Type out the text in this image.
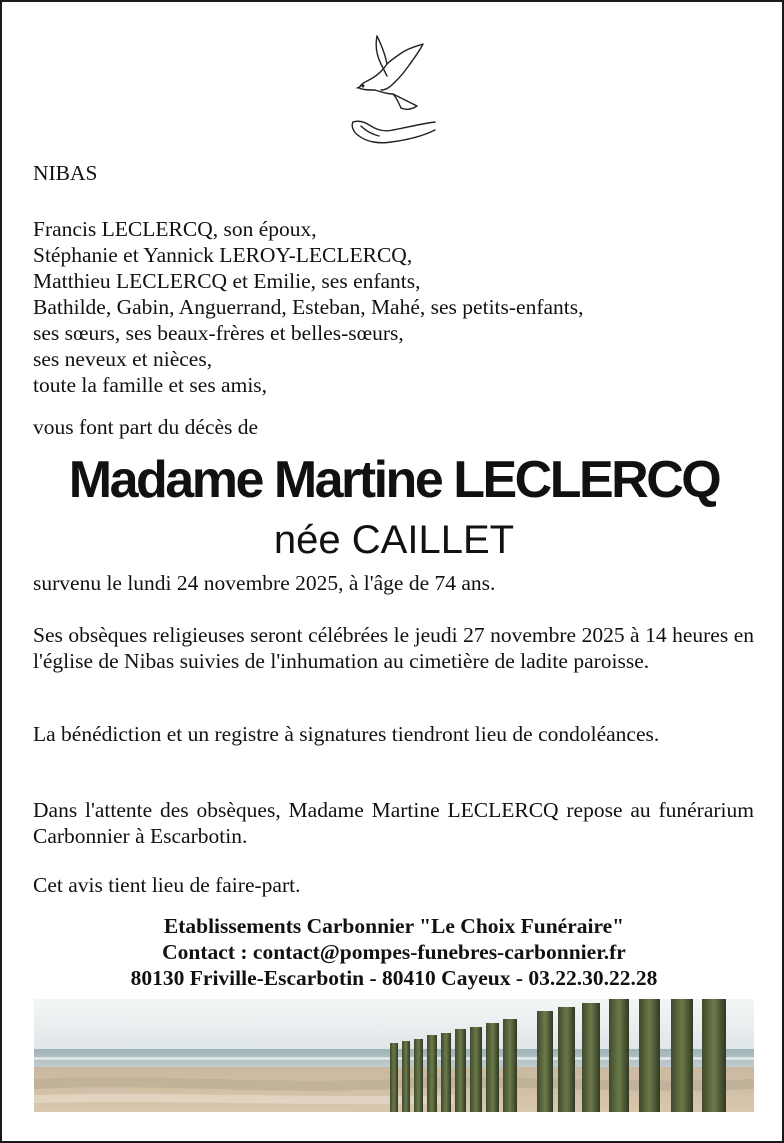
NIBAS
Francis LECLERCQ, son époux,
Stéphanie et Yannick LEROY-LECLERCQ,
Matthieu LECLERCQ et Emilie, ses enfants,
Bathilde, Gabin, Anguerrand, Esteban, Mahé, ses petits-enfants,
ses sœurs, ses beaux-frères et belles-sœurs,
ses neveux et nièces,
toute la famille et ses amis,
vous font part du décès de
Madame Martine LECLERCQ
née CAILLET
survenu le lundi 24 novembre 2025, à l'âge de 74 ans.
Ses obsèques religieuses seront célébrées le jeudi 27 novembre 2025 à 14 heures en l'église de Nibas suivies de l'inhumation au cimetière de ladite paroisse.
La bénédiction et un registre à signatures tiendront lieu de condoléances.
Dans l'attente des obsèques, Madame Martine LECLERCQ repose au funérarium Carbonnier à Escarbotin.
Cet avis tient lieu de faire-part.
Etablissements Carbonnier "Le Choix Funéraire"
Contact : contact@pompes-funebres-carbonnier.fr
80130 Friville-Escarbotin - 80410 Cayeux - 03.22.30.22.28
